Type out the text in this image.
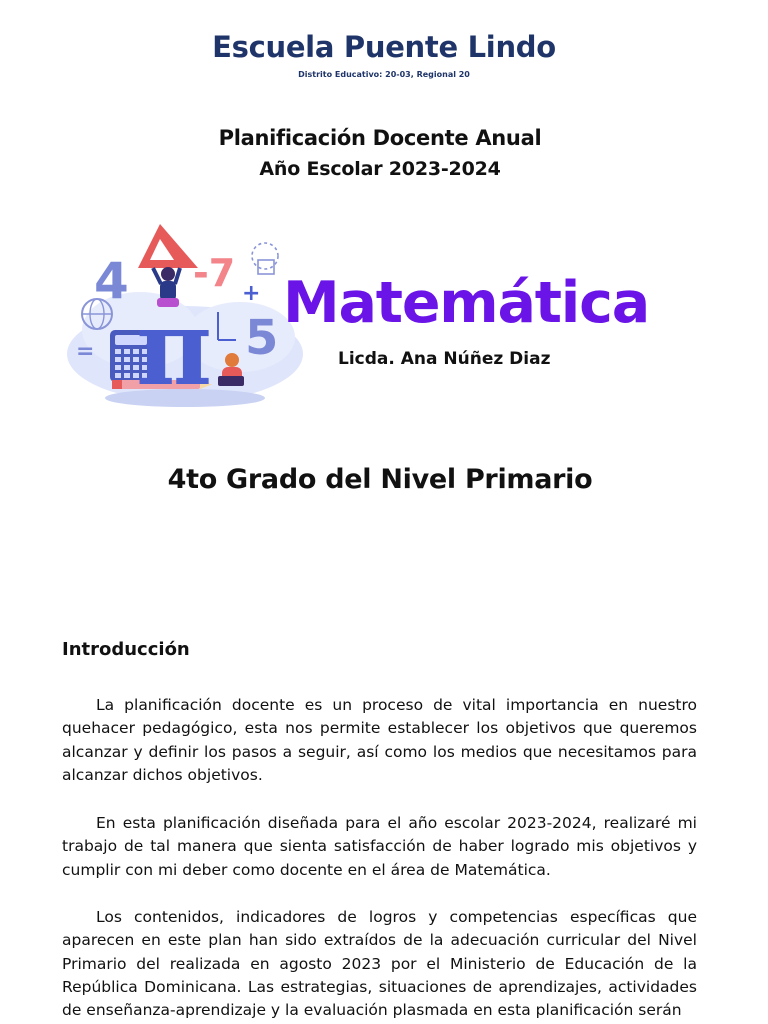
Escuela Puente Lindo
Distrito Educativo: 20-03, Regional 20
Planificación Docente Anual
Año Escolar 2023-2024
π
4 -7 +
5
=
Matemática
Licda. Ana Núñez Diaz
4to Grado del Nivel Primario
Introducción

La planificación docente es un proceso de vital importancia en nuestro quehacer pedagógico, esta nos permite establecer los objetivos que queremos alcanzar y definir los pasos a seguir, así como los medios que necesitamos para alcanzar dichos objetivos.

En esta planificación diseñada para el año escolar 2023-2024, realizaré mi trabajo de tal manera que sienta satisfacción de haber logrado mis objetivos y cumplir con mi deber como docente en el área de Matemática.

Los contenidos, indicadores de logros y competencias específicas que aparecen en este plan han sido extraídos de la adecuación curricular del Nivel Primario del realizada en agosto 2023 por el Ministerio de Educación de la República Dominicana. Las estrategias, situaciones de aprendizajes, actividades de enseñanza-aprendizaje y la evaluación plasmada en esta planificación serán
